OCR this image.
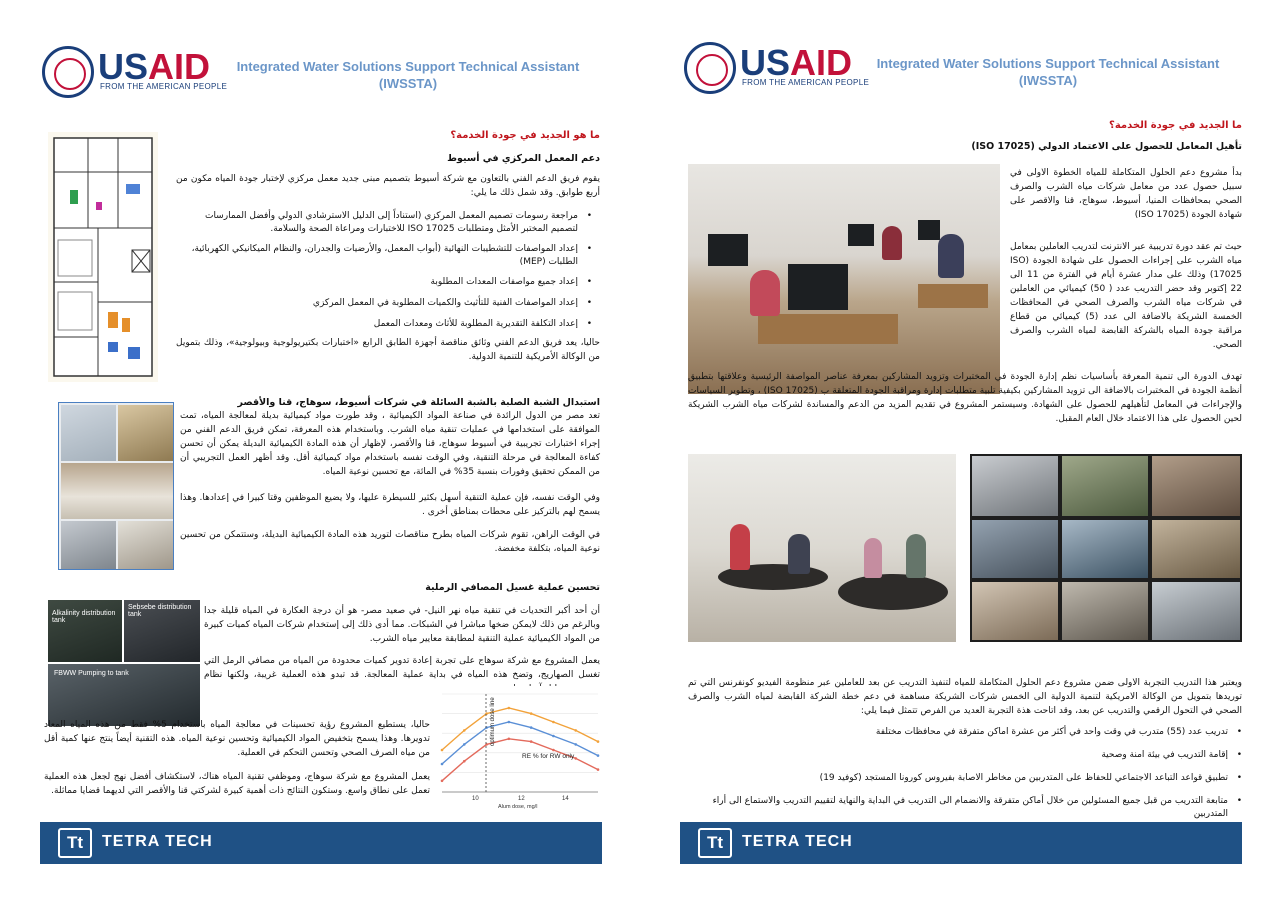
USAID
FROM THE AMERICAN PEOPLE
Integrated Water Solutions Support Technical Assistant
(IWSSTA)
ما هو الجديد في جودة الخدمة؟
دعم المعمل المركزي في أسيوط
يقوم فريق الدعم الفني بالتعاون مع شركة أسيوط بتصميم مبنى جديد معمل مركزي لإختبار جودة المياه مكون من أربع طوابق. وقد شمل ذلك ما يلي:
• مراجعة رسومات تصميم المعمل المركزي (استناداً إلى الدليل الاسترشادي الدولي وأفضل الممارسات لتصميم المختبر الأمثل ومتطلبات ISO 17025 للاختبارات ومراعاة الصحة والسلامة.
• إعداد المواصفات للتشطيبات النهائية (أبواب المعمل، والأرضيات والجدران، والنظام الميكانيكي الكهربائية، الطلبات (MEP)
• إعداد جميع مواصفات المعدات المطلوبة
• إعداد المواصفات الفنية للتأثيث والكميات المطلوبة في المعمل المركزي
• إعداد التكلفة التقديرية المطلوبة للأثاث ومعدات المعمل
حاليا، يعد فريق الدعم الفني وثائق مناقصة أجهزة الطابق الرابع «اختبارات بكتيريولوجية وبيولوجية»، وذلك بتمويل من الوكالة الأمريكية للتنمية الدولية.
استبدال الشبة الصلبة بالشبة السائلة في شركات أسيوط، سوهاج، قنا والأقصر
تعد مصر من الدول الرائدة في صناعة المواد الكيميائية ، وقد طورت مواد كيميائية بديلة لمعالجة المياه، تمت الموافقة على استخدامها في عمليات تنقية مياه الشرب. وباستخدام هذه المعرفة، تمكن فريق الدعم الفني من إجراء اختبارات تجريبية في أسيوط سوهاج، قنا والأقصر، لإظهار أن هذه المادة الكيميائية البديلة يمكن أن تحسن كفاءة المعالجة في مرحلة التنقية، وفي الوقت نفسه باستخدام مواد كيميائية أقل. وقد أظهر العمل التجريبي أن من الممكن تحقيق وفورات بنسبة 35% في المائة، مع تحسين نوعية المياه.
وفي الوقت نفسه، فإن عملية التنقية أسهل بكثير للسيطرة عليها، ولا يضيع الموظفين وقتا كبيرا في إعدادها. وهذا يسمح لهم بالتركيز على محطات بمناطق أخرى .
في الوقت الراهن، تقوم شركات المياه بطرح مناقصات لتوريد هذه المادة الكيميائية البديلة، وستتمكن من تحسين نوعية المياه، بتكلفة مخفضة.
تحسين عملية غسيل المصافي الرملية
Alkalinity distribution tank
Sebsebe distribution tank
FBWW Pumping to tank
أن أحد أكبر التحديات في تنقية مياه نهر النيل- في صعيد مصر- هو أن درجة العكارة في المياه قليلة جدا وبالرغم من ذلك لايمكن ضخها مباشرا في الشبكات. مما أدى ذلك إلى إستخدام شركات المياه كميات كبيرة من المواد الكيميائية عملية التنقية لمطابقة معايير مياه الشرب.
يعمل المشروع مع شركة سوهاج على تجربة إعادة تدوير كميات محدودة من المياه من مصافي الرمل التي تغسل الصهاريج، وتضخ هذه المياه في بداية عملية المعالجة. قد تبدو هذه العملية غريبة، ولكنها نظام
optimum dose line
RE % for RW only
10	12	14
Alum dose, mg/l
حاليا، يستطيع المشروع رؤية تحسينات في معالجة المياه باستخدام 5% فقط من هذه المياه المعاد تدويرها. وهذا يسمح بتخفيض المواد الكيميائية وتحسين نوعية المياه. هذه التقنية أيضاً ينتج عنها كمية أقل من مياه الصرف الصحي وتحسن التحكم في العملية.
يعمل المشروع مع شركة سوهاج، وموظفي تقنية المياه هناك، لاستكشاف أفضل نهج لجعل هذه العملية تعمل على نطاق واسع. وستكون النتائج ذات أهمية كبيرة لشركتي قنا والأقصر التي لديهما قضايا مماثلة.
Tt	TETRA TECH
USAID
FROM THE AMERICAN PEOPLE
Integrated Water Solutions Support Technical Assistant
(IWSSTA)
ما الجديد في جودة الخدمة؟
تأهيل المعامل للحصول على الاعتماد الدولي (ISO 17025)
بدأ مشروع دعم الحلول المتكاملة للمياه الخطوة الاولى في سبيل حصول عدد من معامل شركات مياه الشرب والصرف الصحي بمحافظات المنيا، أسيوط، سوهاج، قنا والاقصر على شهادة الجودة (ISO 17025)
حيث تم عقد دورة تدريبية عبر الانترنت لتدريب العاملين بمعامل مياه الشرب على إجراءات الحصول على شهادة الجودة (ISO 17025) وذلك على مدار عشرة أيام في الفترة من 11 الى 22 إكتوبر وقد حضر التدريب عدد ( 50) كيميائي من العاملين في شركات مياه الشرب والصرف الصحي في المحافظات الخمسة الشريكة بالاضافة الى عدد (5) كيميائي من قطاع مراقبة جودة المياه بالشركة القابضة لمياه الشرب والصرف الصحي.
تهدف الدورة الى تنمية المعرفة بأساسيات نظم إدارة الجودة في المختبرات وتزويد المشاركين بمعرفة عناصر المواصفة الرئيسية وعلاقتها بتطبيق أنظمة الجودة في المختبرات بالاضافة الى تزويد المشاركين بكيفية تلبية متطلبات إدارة ومراقبة الجودة المتعلقة ب (ISO 17025) ، وتطوير السياسات والإجراءات في المعامل لتأهيلهم للحصول على الشهادة. وسيستمر المشروع في تقديم المزيد من الدعم والمساندة لشركات مياه الشرب الشريكة لحين الحصول على هذا الاعتماد خلال العام المقبل.
ويعتبر هذا التدريب التجربة الاولى ضمن مشروع دعم الحلول المتكاملة للمياه لتنفيذ التدريب عن بعد للعاملين عبر منظومة الفيديو كونفرنس التي تم توريدها بتمويل من الوكالة الامريكية لتنمية الدولية الى الخمس شركات الشريكة مساهمة في دعم خطة الشركة القابضة لمياه الشرب والصرف الصحي في التحول الرقمي والتدريب عن بعد، وقد اتاحت هذة التجربة العديد من الفرص تتمثل فيما يلي:
• تدريب عدد (55) متدرب في وقت واحد في أكثر من عشرة اماكن متفرقة في محافظات مختلفة
• إقامة التدريب في بيئة امنة وصحية
• تطبيق قواعد التباعد الاجتماعي للحفاظ على المتدربين من مخاطر الاصابة بفيروس كورونا المستجد (كوفيد 19)
• متابعة التدريب من قبل جميع المسئولين من خلال أماكن متفرقة والانضمام الى التدريب في البداية والنهاية لتقييم التدريب والاستماع الى أراء المتدربين
Tt	TETRA TECH
